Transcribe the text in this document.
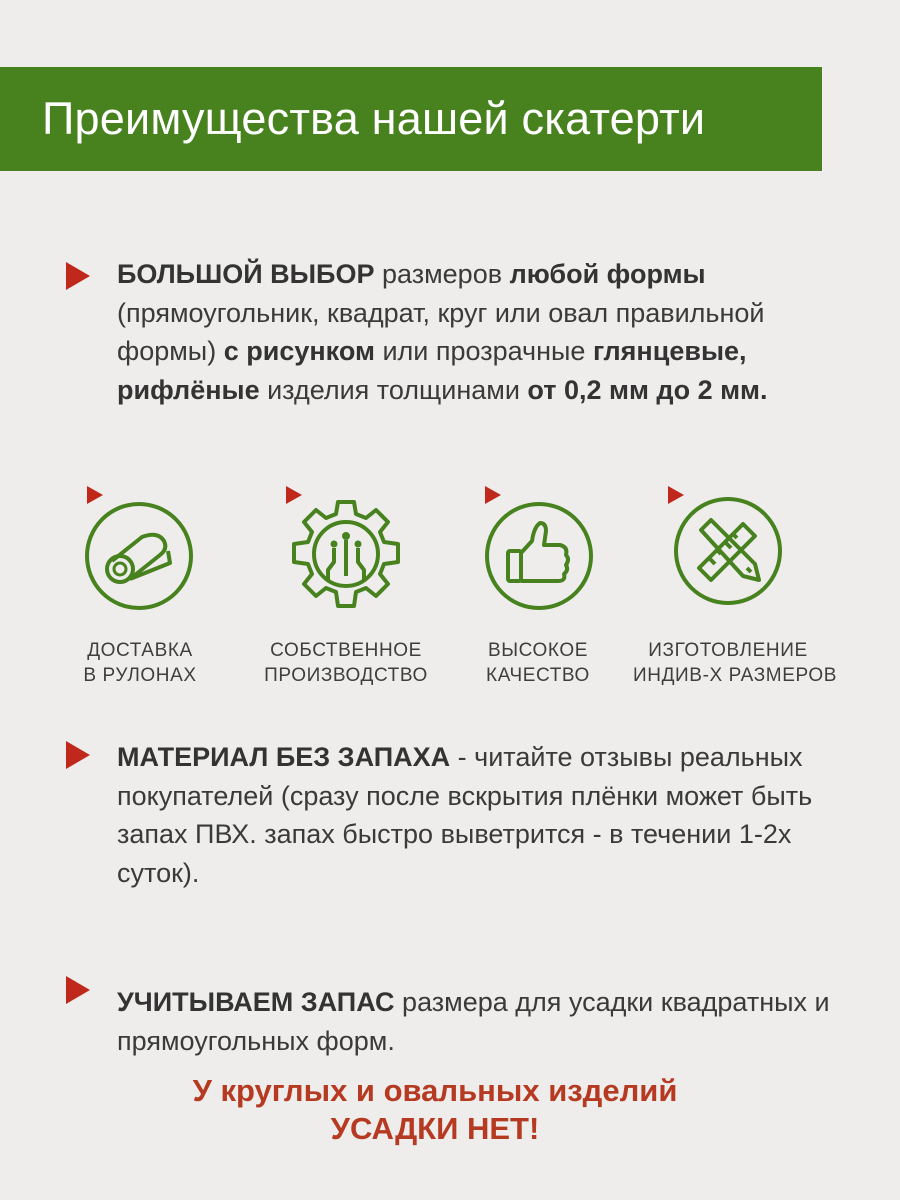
Преимущества нашей скатерти

БОЛЬШОЙ ВЫБОР размеров любой формы (прямоугольник, квадрат, круг или овал правильной формы) с рисунком или прозрачные глянцевые, рифлёные изделия толщинами от 0,2 мм до 2 мм.

ДОСТАВКА
В РУЛОНАХ
СОБСТВЕННОЕ
ПРОИЗВОДСТВО
ВЫСОКОЕ
КАЧЕСТВО
ИЗГОТОВЛЕНИЕ
ИНДИВ-Х РАЗМЕРОВ

МАТЕРИАЛ БЕЗ ЗАПАХА - читайте отзывы реальных покупателей (сразу после вскрытия плёнки может быть запах ПВХ. запах быстро выветрится - в течении 1-2х суток).

УЧИТЫВАЕМ ЗАПАС размера для усадки квадратных и прямоугольных форм.

У круглых и овальных изделий
УСАДКИ НЕТ!
